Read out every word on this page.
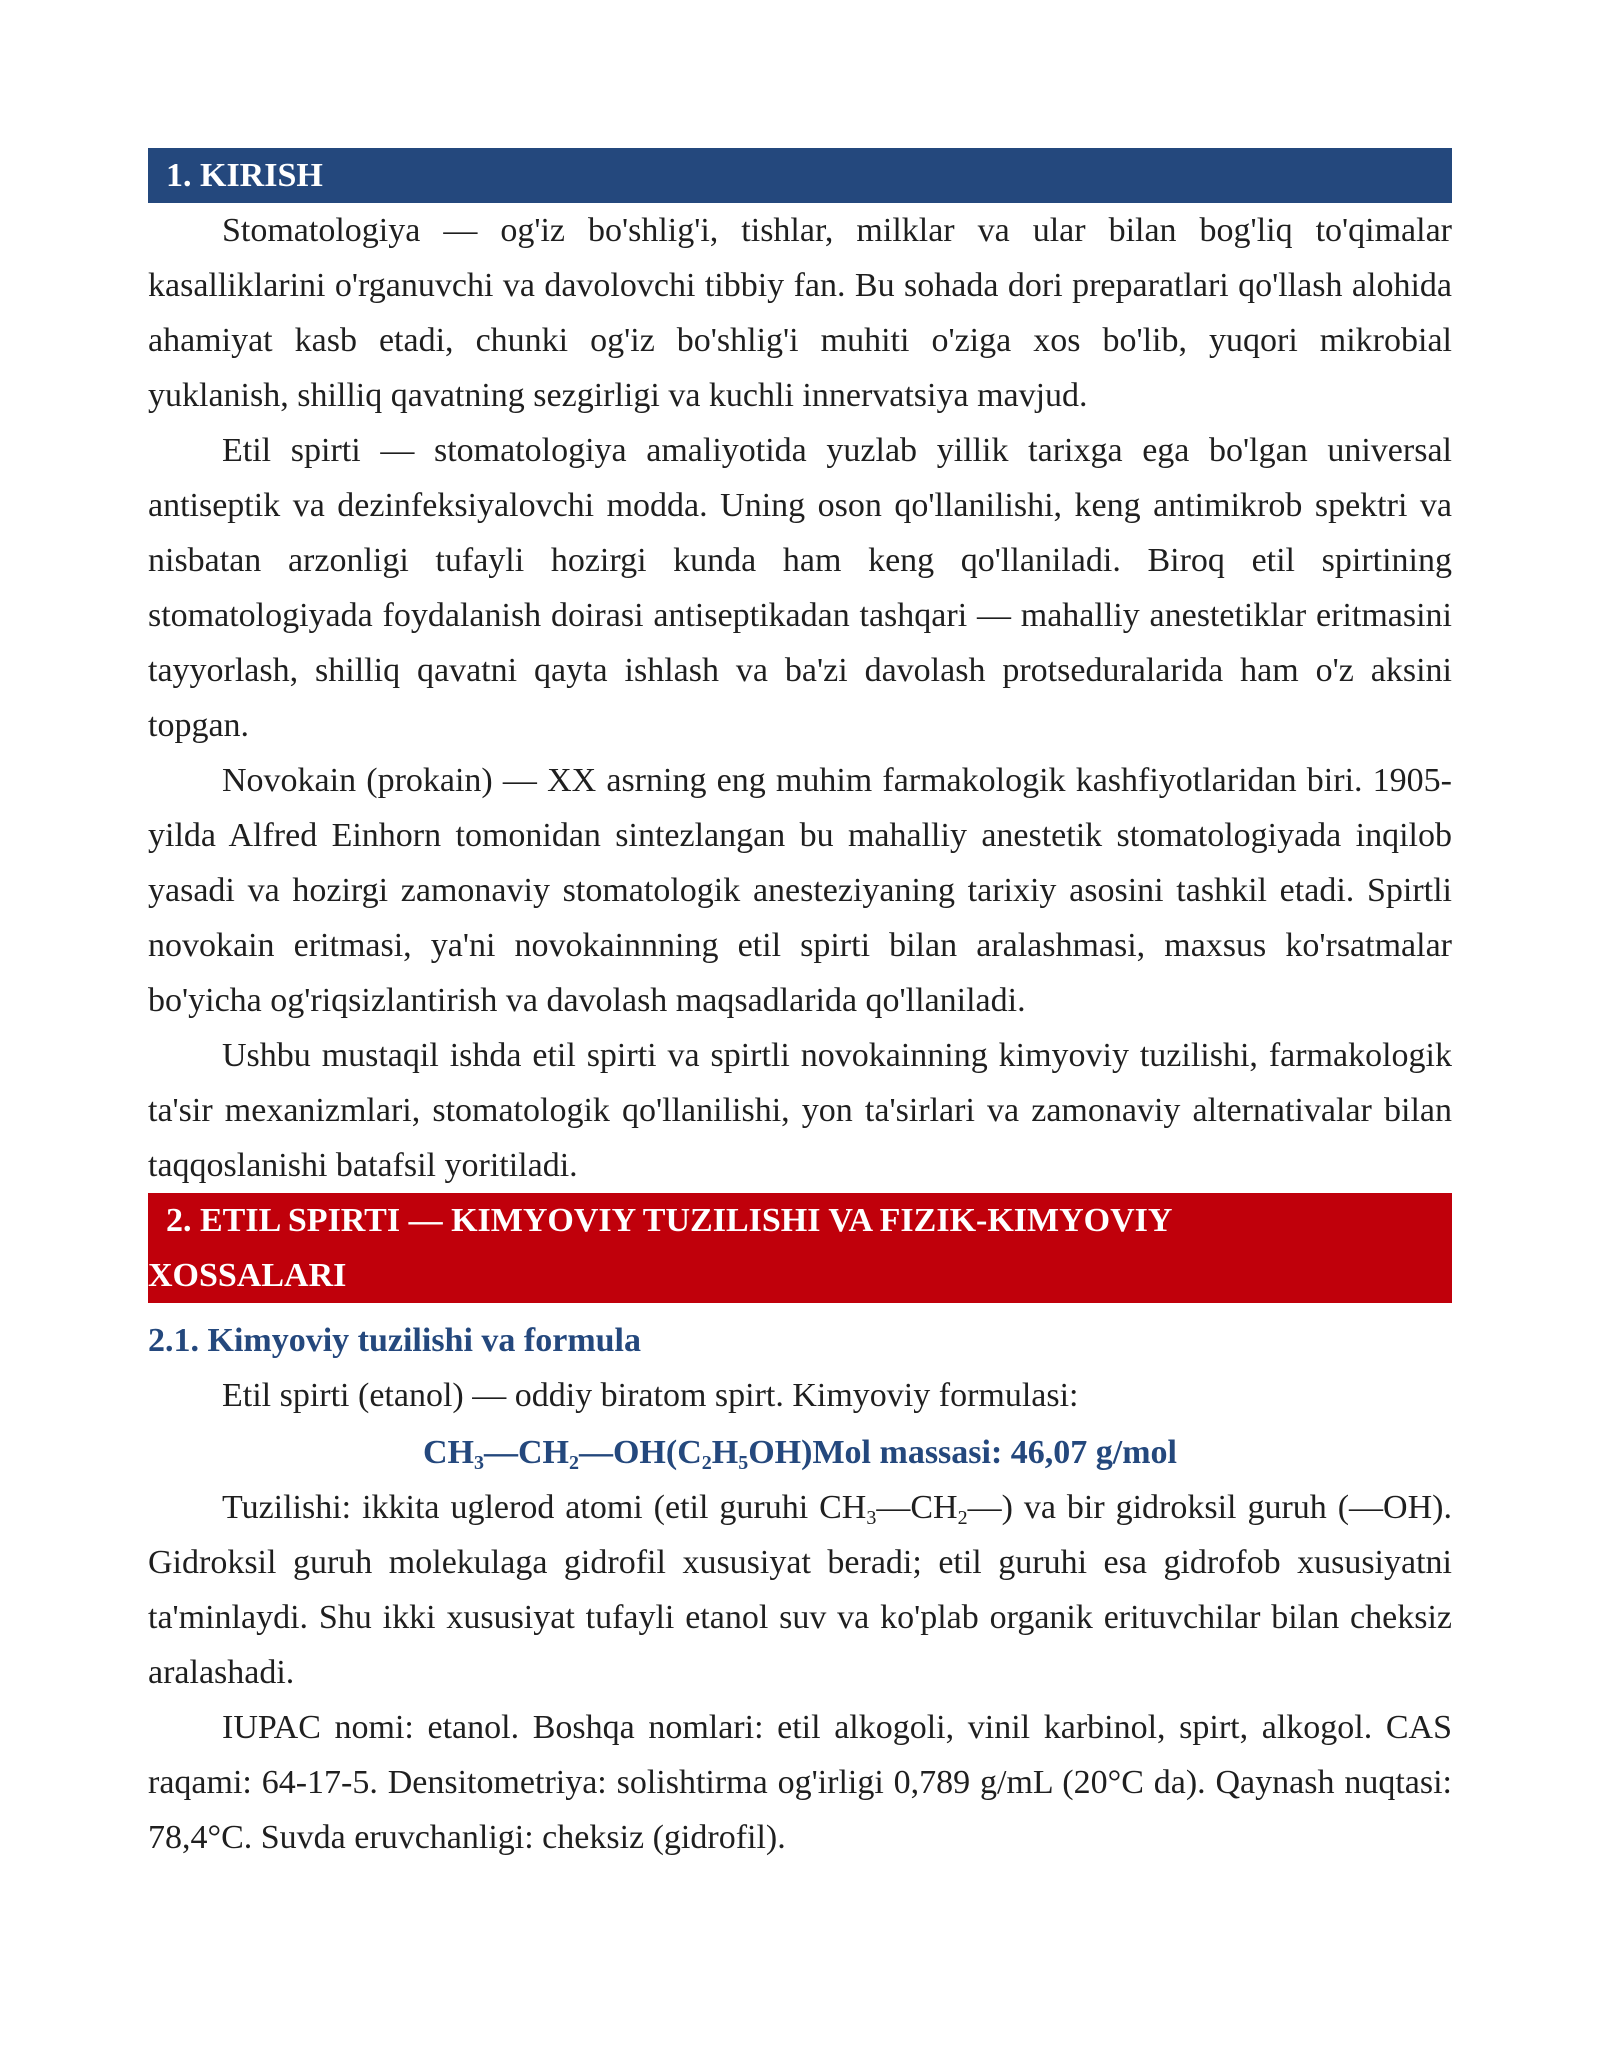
1. KIRISH

Stomatologiya — og'iz bo'shlig'i, tishlar, milklar va ular bilan bog'liq to'qimalar kasalliklarini o'rganuvchi va davolovchi tibbiy fan. Bu sohada dori preparatlari qo'llash alohida ahamiyat kasb etadi, chunki og'iz bo'shlig'i muhiti o'ziga xos bo'lib, yuqori mikrobial yuklanish, shilliq qavatning sezgirligi va kuchli innervatsiya mavjud.

Etil spirti — stomatologiya amaliyotida yuzlab yillik tarixga ega bo'lgan universal antiseptik va dezinfeksiyalovchi modda. Uning oson qo'llanilishi, keng antimikrob spektri va nisbatan arzonligi tufayli hozirgi kunda ham keng qo'llaniladi. Biroq etil spirtining stomatologiyada foydalanish doirasi antiseptikadan tashqari — mahalliy anestetiklar eritmasini tayyorlash, shilliq qavatni qayta ishlash va ba'zi davolash protseduralarida ham o'z aksini topgan.

Novokain (prokain) — XX asrning eng muhim farmakologik kashfiyotlaridan biri. 1905-yilda Alfred Einhorn tomonidan sintezlangan bu mahalliy anestetik stomatologiyada inqilob yasadi va hozirgi zamonaviy stomatologik anesteziyaning tarixiy asosini tashkil etadi. Spirtli novokain eritmasi, ya'ni novokainnning etil spirti bilan aralashmasi, maxsus ko'rsatmalar bo'yicha og'riqsizlantirish va davolash maqsadlarida qo'llaniladi.

Ushbu mustaqil ishda etil spirti va spirtli novokainning kimyoviy tuzilishi, farmakologik ta'sir mexanizmlari, stomatologik qo'llanilishi, yon ta'sirlari va zamonaviy alternativalar bilan taqqoslanishi batafsil yoritiladi.

2. ETIL SPIRTI — KIMYOVIY TUZILISHI VA FIZIK-KIMYOVIY
XOSSALARI
2.1. Kimyoviy tuzilishi va formula

Etil spirti (etanol) — oddiy biratom spirt. Kimyoviy formulasi:

$CH_3—CH_2—OH(C_2H_5OH)Mol$ massasi: 46,07 g/mol

Tuzilishi: ikkita uglerod atomi (etil guruhi $CH_3—CH_2—$) va bir gidroksil guruh (—OH). Gidroksil guruh molekulaga gidrofil xususiyat beradi; etil guruhi esa gidrofob xususiyatni ta'minlaydi. Shu ikki xususiyat tufayli etanol suv va ko'plab organik erituvchilar bilan cheksiz aralashadi.

IUPAC nomi: etanol. Boshqa nomlari: etil alkogoli, vinil karbinol, spirt, alkogol. CAS raqami: 64-17-5. Densitometriya: solishtirma og'irligi 0,789 g/mL (20°C da). Qaynash nuqtasi: 78,4°C. Suvda eruvchanligi: cheksiz (gidrofil).
